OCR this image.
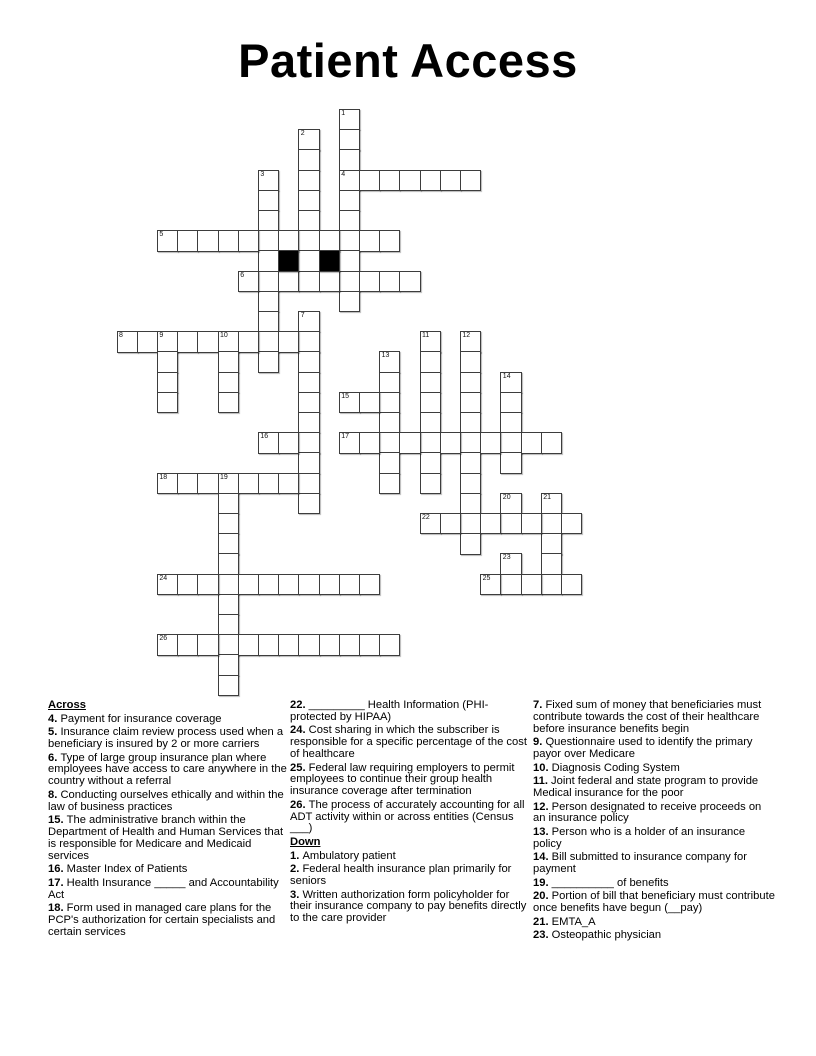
Patient Access
1
4
2
3
5
6
7
8	9	10	11	12
13
14
15
16	17
18	19
20	21
22
23
24	25
26

Across

4. Payment for insurance coverage

5. Insurance claim review process used when a beneficiary is insured by 2 or more carriers

6. Type of large group insurance plan where employees have access to care anywhere in the country without a referral

8. Conducting ourselves ethically and within the law of business practices

15. The administrative branch within the Department of Health and Human Services that is responsible for Medicare and Medicaid services

16. Master Index of Patients

17. Health Insurance _____ and Accountability Act

18. Form used in managed care plans for the PCP's authorization for certain specialists and certain services

22. _________ Health Information (PHI-protected by HIPAA)

24. Cost sharing in which the subscriber is responsible for a specific percentage of the cost of healthcare

25. Federal law requiring employers to permit employees to continue their group health insurance coverage after termination

26. The process of accurately accounting for all ADT activity within or across entities (Census ___)

Down

1. Ambulatory patient

2. Federal health insurance plan primarily for seniors

3. Written authorization form policyholder for their insurance company to pay benefits directly to the care provider

7. Fixed sum of money that beneficiaries must contribute towards the cost of their healthcare before insurance benefits begin

9. Questionnaire used to identify the primary payor over Medicare

10. Diagnosis Coding System

11. Joint federal and state program to provide Medical insurance for the poor

12. Person designated to receive proceeds on an insurance policy

13. Person who is a holder of an insurance policy

14. Bill submitted to insurance company for payment

19. __________ of benefits

20. Portion of bill that beneficiary must contribute once benefits have begun (__pay)

21. EMTA_A

23. Osteopathic physician
